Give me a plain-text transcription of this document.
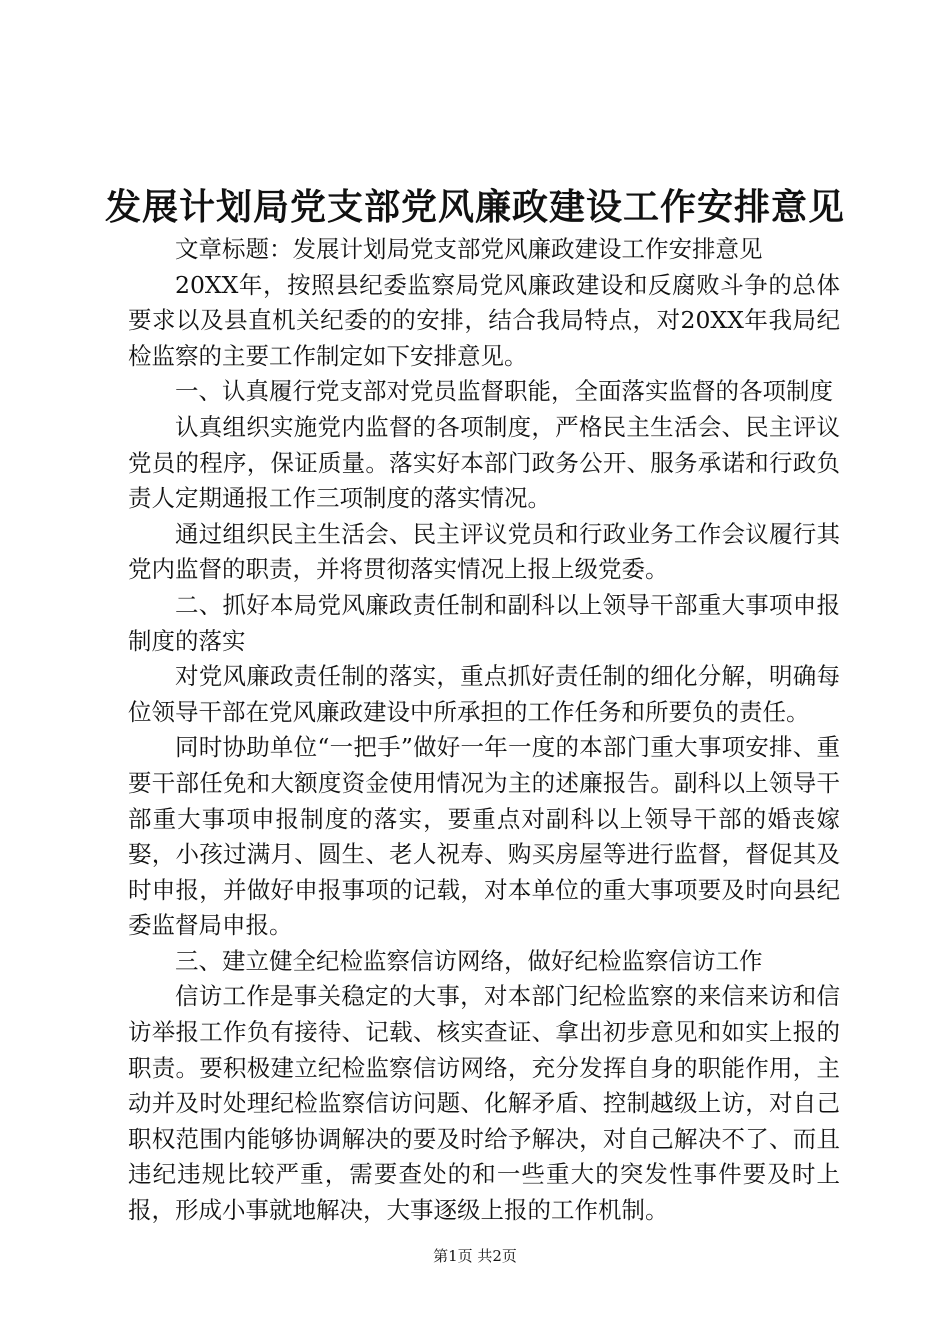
发展计划局党支部党风廉政建设工作安排意见

文章标题：发展计划局党支部党风廉政建设工作安排意见

20XX年，按照县纪委监察局党风廉政建设和反腐败斗争的总体要求以及县直机关纪委的的安排，结合我局特点，对20XX年我局纪检监察的主要工作制定如下安排意见。

一、认真履行党支部对党员监督职能，全面落实监督的各项制度

认真组织实施党内监督的各项制度，严格民主生活会、民主评议党员的程序，保证质量。落实好本部门政务公开、服务承诺和行政负责人定期通报工作三项制度的落实情况。

通过组织民主生活会、民主评议党员和行政业务工作会议履行其党内监督的职责，并将贯彻落实情况上报上级党委。

二、抓好本局党风廉政责任制和副科以上领导干部重大事项申报制度的落实

对党风廉政责任制的落实，重点抓好责任制的细化分解，明确每位领导干部在党风廉政建设中所承担的工作任务和所要负的责任。

同时协助单位“一把手”做好一年一度的本部门重大事项安排、重要干部任免和大额度资金使用情况为主的述廉报告。副科以上领导干部重大事项申报制度的落实，要重点对副科以上领导干部的婚丧嫁娶，小孩过满月、圆生、老人祝寿、购买房屋等进行监督，督促其及时申报，并做好申报事项的记载，对本单位的重大事项要及时向县纪委监督局申报。

三、建立健全纪检监察信访网络，做好纪检监察信访工作

信访工作是事关稳定的大事，对本部门纪检监察的来信来访和信访举报工作负有接待、记载、核实查证、拿出初步意见和如实上报的职责。要积极建立纪检监察信访网络，充分发挥自身的职能作用，主动并及时处理纪检监察信访问题、化解矛盾、控制越级上访，对自己职权范围内能够协调解决的要及时给予解决，对自己解决不了、而且违纪违规比较严重，需要查处的和一些重大的突发性事件要及时上报，形成小事就地解决，大事逐级上报的工作机制。

第1页 共2页
